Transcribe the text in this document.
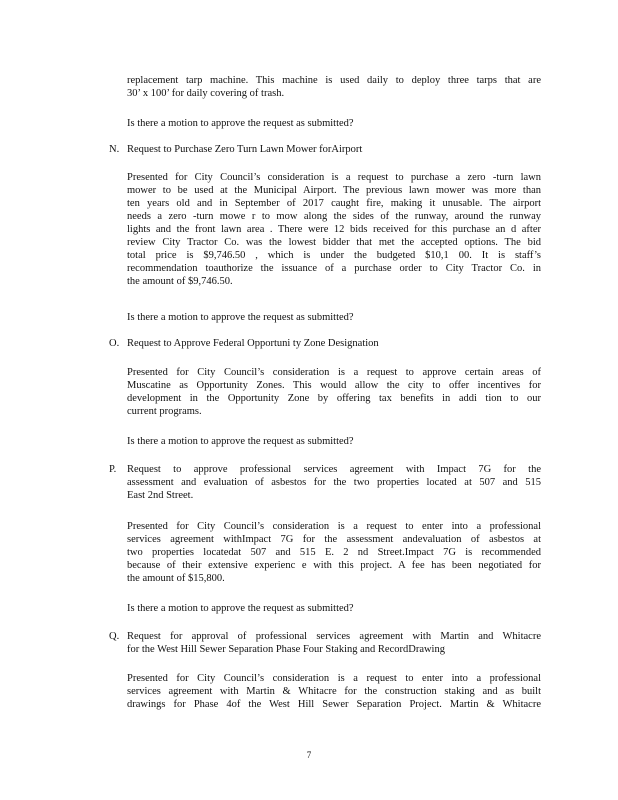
replacement tarp machine. This machine is used daily to deploy three tarps that are
30’ x 100’ for daily covering of trash.
Is there a motion to approve the request as submitted?
N. Request to Purchase Zero Turn Lawn Mower forAirport
Presented for City Council’s consideration is a request to purchase a zero -turn lawn
mower to be used at the Municipal Airport. The previous lawn mower was more than
ten years old and in September of 2017 caught fire, making it unusable. The airport
needs a zero -turn mowe r to mow along the sides of the runway, around the runway
lights and the front lawn area . There were 12 bids received for this purchase an d after
review City Tractor Co. was the lowest bidder that met the accepted options. The bid
total price is $9,746.50 , which is under the budgeted $10,1 00. It is staff’s
recommendation toauthorize the issuance of a purchase order to City Tractor Co. in
the amount of $9,746.50.
Is there a motion to approve the request as submitted?
O. Request to Approve Federal Opportuni ty Zone Designation
Presented for City Council’s consideration is a request to approve certain areas of
Muscatine as Opportunity Zones. This would allow the city to offer incentives for
development in the Opportunity Zone by offering tax benefits in addi tion to our
current programs.
Is there a motion to approve the request as submitted?
P. Request to approve professional services agreement with Impact 7G for the
assessment and evaluation of asbestos for the two properties located at 507 and 515
East 2nd Street.
Presented for City Council’s consideration is a request to enter into a professional
services agreement withImpact 7G for the assessment andevaluation of asbestos at
two properties locatedat 507 and 515 E. 2 nd Street.Impact 7G is recommended
because of their extensive experienc e with this project. A fee has been negotiated for
the amount of $15,800.
Is there a motion to approve the request as submitted?
Q. Request for approval of professional services agreement with Martin and Whitacre
for the West Hill Sewer Separation Phase Four Staking and RecordDrawing
Presented for City Council’s consideration is a request to enter into a professional
services agreement with Martin & Whitacre for the construction staking and as built
drawings for Phase 4of the West Hill Sewer Separation Project. Martin & Whitacre
7
